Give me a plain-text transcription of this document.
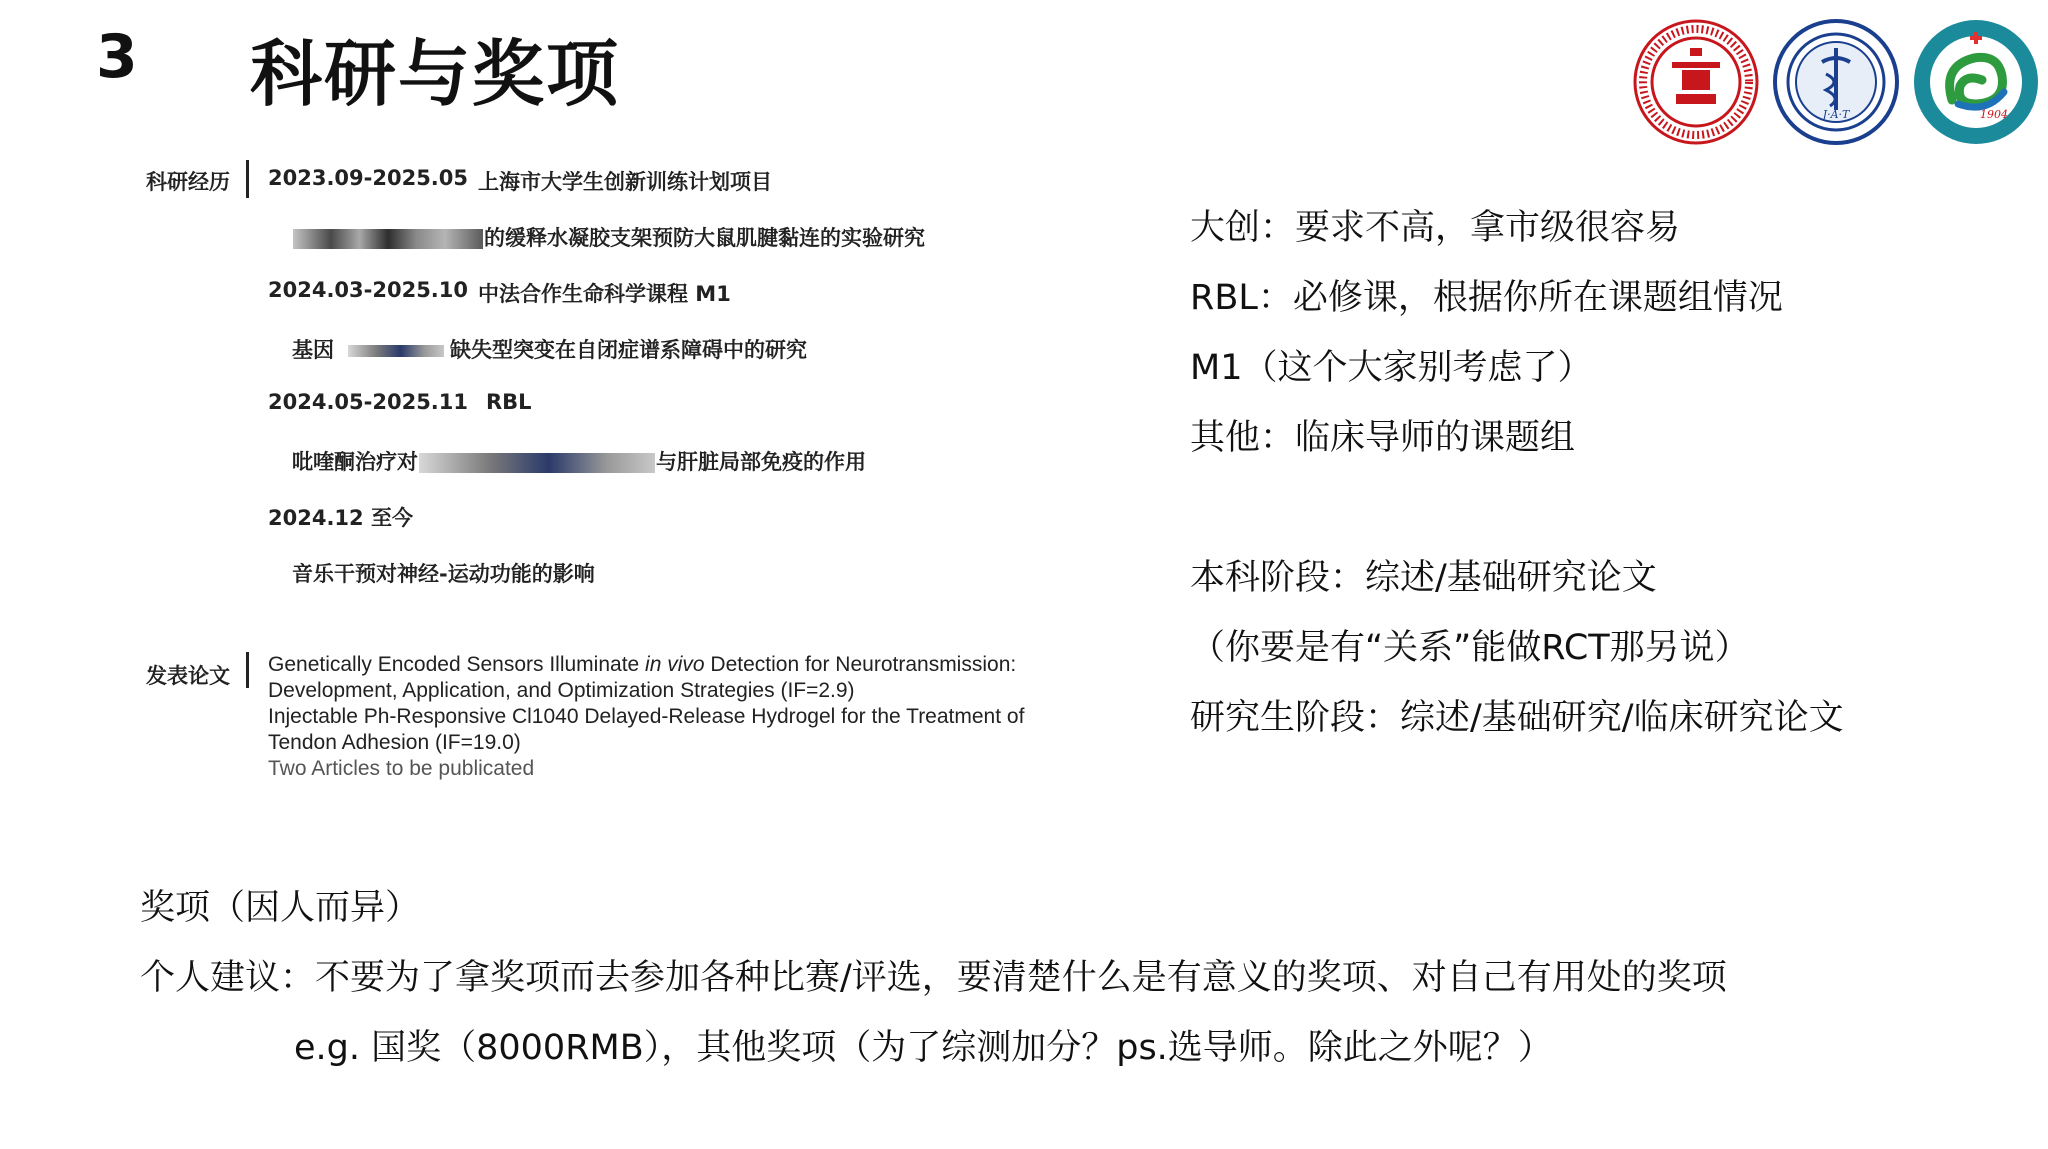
3 科研与奖项	1896	J·A·T	1904
科研经历 2023.09-2025.05 上海市大学生创新训练计划项目
的缓释水凝胶支架预防大鼠肌腱黏连的实验研究
2024.03-2025.10 中法合作生命科学课程 M1
基因	缺失型突变在自闭症谱系障碍中的研究
2024.05-2025.11 RBL
吡喹酮治疗对	与肝脏局部免疫的作用
2024.12 至今
音乐干预对神经-运动功能的影响
发表论文 Genetically Encoded Sensors Illuminate in vivo Detection for Neurotransmission:
Development, Application, and Optimization Strategies (IF=2.9)
Injectable Ph-Responsive Cl1040 Delayed-Release Hydrogel for the Treatment of
Tendon Adhesion (IF=19.0)
Two Articles to be publicated
大创：要求不高，拿市级很容易
RBL：必修课，根据你所在课题组情况
M1（这个大家别考虑了）
其他：临床导师的课题组
本科阶段：综述/基础研究论文
（你要是有“关系”能做RCT那另说）
研究生阶段：综述/基础研究/临床研究论文
奖项（因人而异）
个人建议：不要为了拿奖项而去参加各种比赛/评选，要清楚什么是有意义的奖项、对自己有用处的奖项
e.g. 国奖（8000RMB），其他奖项（为了综测加分？ps.选导师。除此之外呢？）
